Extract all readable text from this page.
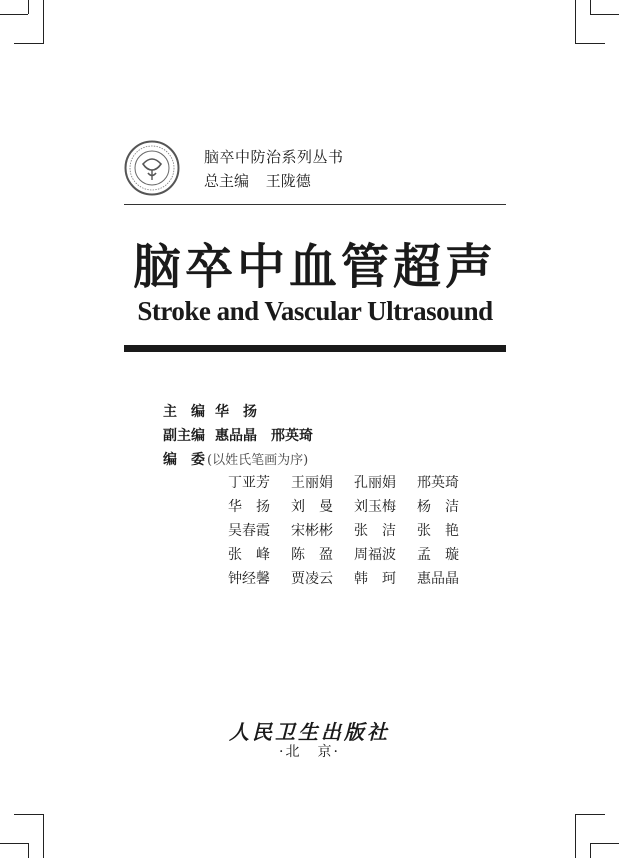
脑卒中防治系列丛书
总主编 王陇德
脑卒中血管超声
Stroke and Vascular Ultrasound
主　编 华　扬
副主编 惠品晶　邢英琦
编　委 (以姓氏笔画为序)
丁亚芳 王丽娟 孔丽娟 邢英琦
华　扬 刘　曼 刘玉梅 杨　洁
吴春霞 宋彬彬 张　洁 张　艳
张　峰 陈　盈 周福波 孟　璇
钟经馨 贾凌云 韩　珂 惠品晶
人民卫生出版社
·北　京·
